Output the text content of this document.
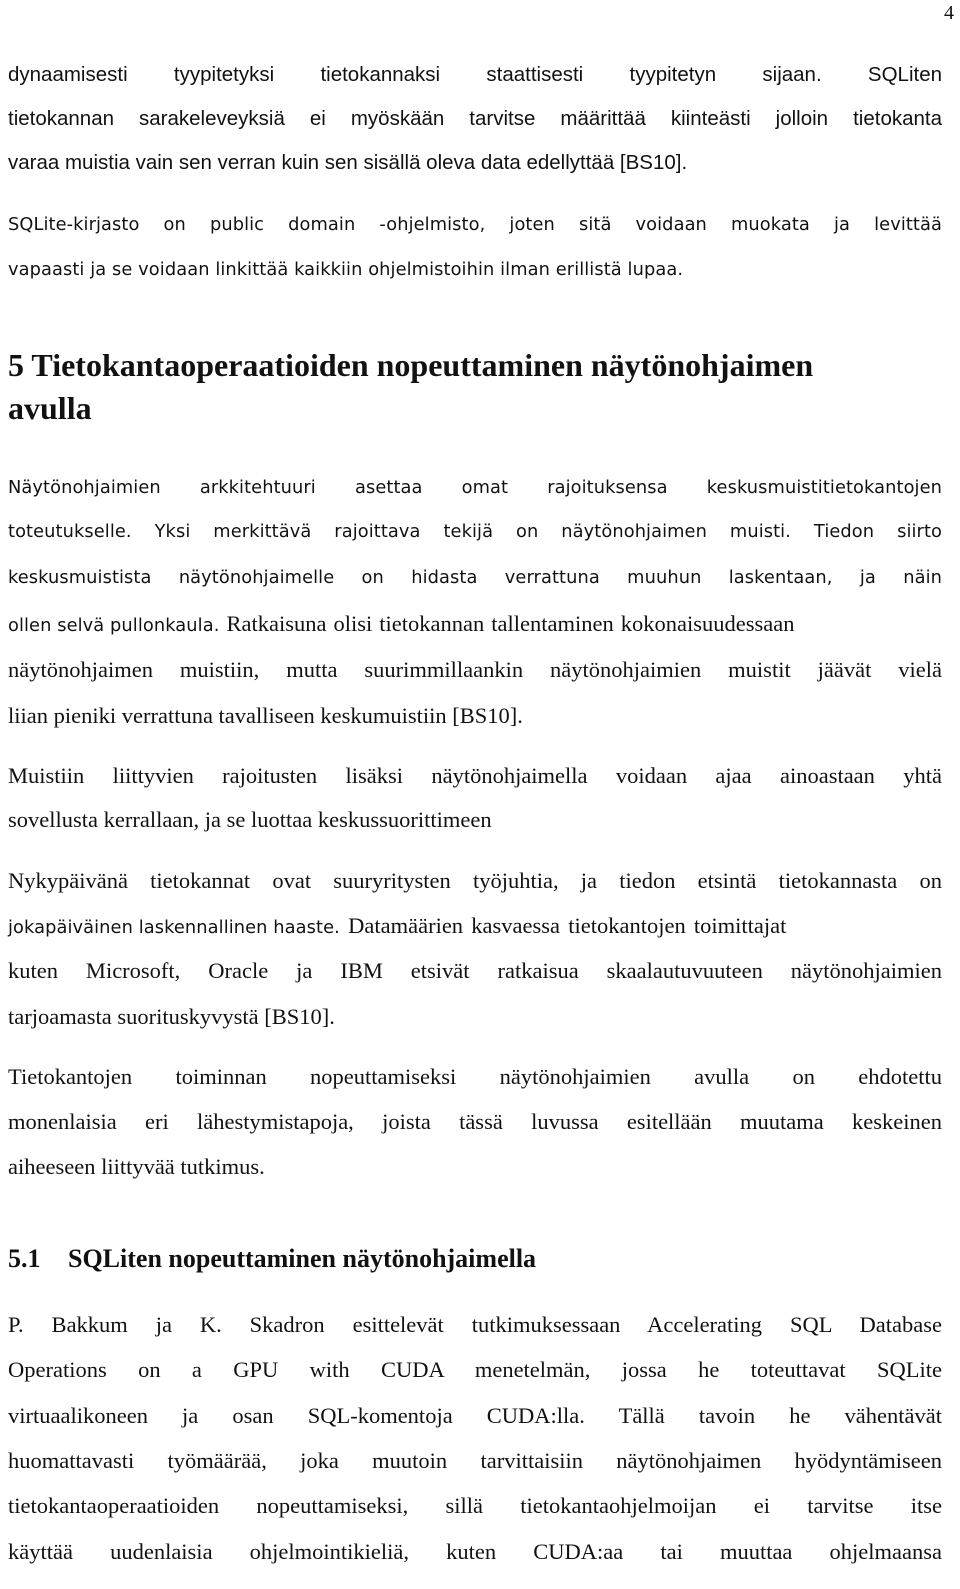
4
dynaamisesti tyypitetyksi tietokannaksi staattisesti tyypitetyn sijaan. SQLiten
tietokannan sarakeleveyksiä ei myöskään tarvitse määrittää kiinteästi jolloin tietokanta
varaa muistia vain sen verran kuin sen sisällä oleva data edellyttää [BS10].
SQLite-kirjasto on public domain -ohjelmisto, joten sitä voidaan muokata ja levittää
vapaasti ja se voidaan linkittää kaikkiin ohjelmistoihin ilman erillistä lupaa.
5 Tietokantaoperaatioiden nopeuttaminen näytönohjaimen
avulla
Näytönohjaimien arkkitehtuuri asettaa omat rajoituksensa keskusmuistitietokantojen
toteutukselle. Yksi merkittävä rajoittava tekijä on näytönohjaimen muisti. Tiedon siirto
keskusmuistista näytönohjaimelle on hidasta verrattuna muuhun laskentaan, ja näin
ollen selvä pullonkaula. Ratkaisuna olisi tietokannan tallentaminen kokonaisuudessaan
näytönohjaimen muistiin, mutta suurimmillaankin näytönohjaimien muistit jäävät vielä
liian pieniki verrattuna tavalliseen keskumuistiin [BS10].
Muistiin liittyvien rajoitusten lisäksi näytönohjaimella voidaan ajaa ainoastaan yhtä
sovellusta kerrallaan, ja se luottaa keskussuorittimeen
Nykypäivänä tietokannat ovat suuryritysten työjuhtia, ja tiedon etsintä tietokannasta on
jokapäiväinen laskennallinen haaste. Datamäärien kasvaessa tietokantojen toimittajat
kuten Microsoft, Oracle ja IBM etsivät ratkaisua skaalautuvuuteen näytönohjaimien
tarjoamasta suorituskyvystä [BS10].
Tietokantojen toiminnan nopeuttamiseksi näytönohjaimien avulla on ehdotettu
monenlaisia eri lähestymistapoja, joista tässä luvussa esitellään muutama keskeinen
aiheeseen liittyvää tutkimus.
5.1 SQLiten nopeuttaminen näytönohjaimella
P. Bakkum ja K. Skadron esittelevät tutkimuksessaan Accelerating SQL Database
Operations on a GPU with CUDA menetelmän, jossa he toteuttavat SQLite
virtuaalikoneen ja osan SQL-komentoja CUDA:lla. Tällä tavoin he vähentävät
huomattavasti työmäärää, joka muutoin tarvittaisiin näytönohjaimen hyödyntämiseen
tietokantaoperaatioiden nopeuttamiseksi, sillä tietokantaohjelmoijan ei tarvitse itse
käyttää uudenlaisia ohjelmointikieliä, kuten CUDA:aa tai muuttaa ohjelmaansa
